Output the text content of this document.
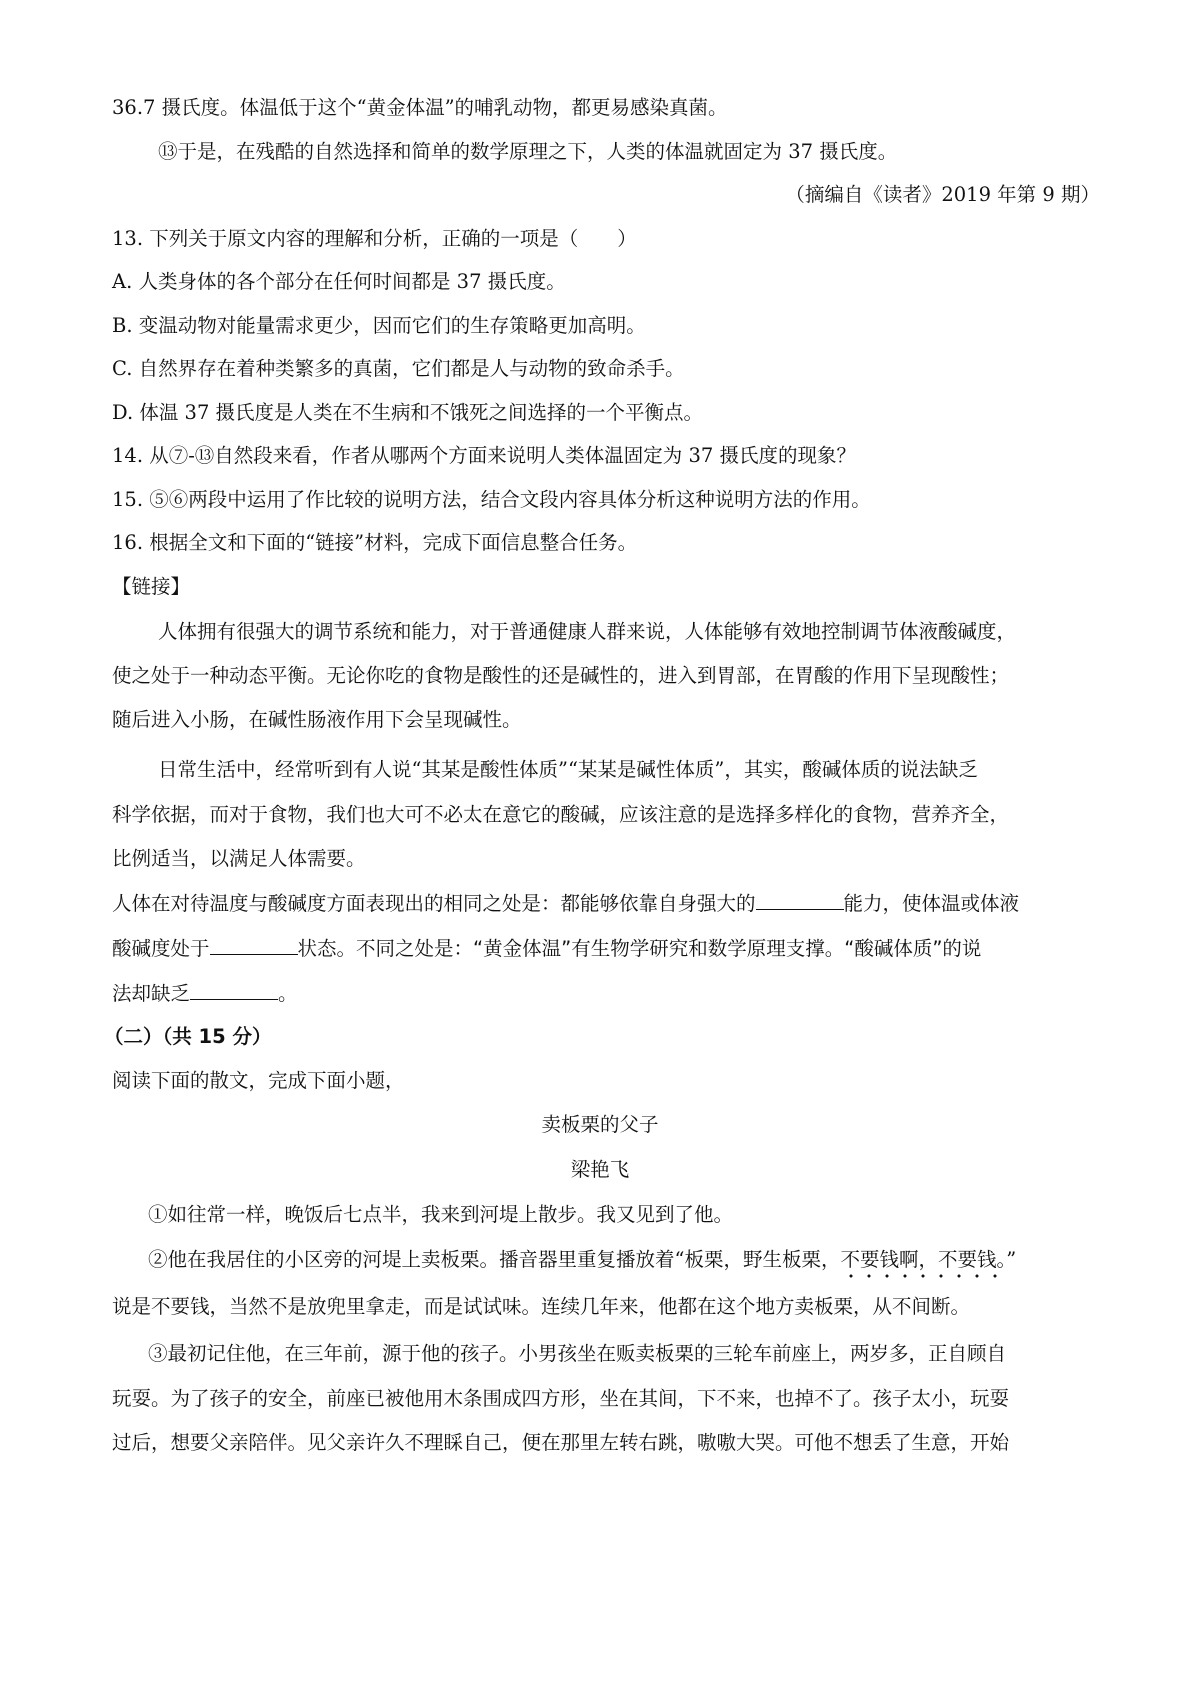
36.7 摄氏度。体温低于这个“黄金体温”的哺乳动物，都更易感染真菌。
⑬于是，在残酷的自然选择和简单的数学原理之下，人类的体温就固定为 37 摄氏度。
（摘编自《读者》2019 年第 9 期）
13. 下列关于原文内容的理解和分析，正确的一项是（　　）
A. 人类身体的各个部分在任何时间都是 37 摄氏度。
B. 变温动物对能量需求更少，因而它们的生存策略更加高明。
C. 自然界存在着种类繁多的真菌，它们都是人与动物的致命杀手。
D. 体温 37 摄氏度是人类在不生病和不饿死之间选择的一个平衡点。
14. 从⑦-⑬自然段来看，作者从哪两个方面来说明人类体温固定为 37 摄氏度的现象？
15. ⑤⑥两段中运用了作比较的说明方法，结合文段内容具体分析这种说明方法的作用。
16. 根据全文和下面的“链接”材料，完成下面信息整合任务。
【链接】
人体拥有很强大的调节系统和能力，对于普通健康人群来说，人体能够有效地控制调节体液酸碱度，
使之处于一种动态平衡。无论你吃的食物是酸性的还是碱性的，进入到胃部，在胃酸的作用下呈现酸性；
随后进入小肠，在碱性肠液作用下会呈现碱性。
日常生活中，经常听到有人说“其某是酸性体质”“某某是碱性体质”，其实，酸碱体质的说法缺乏
科学依据，而对于食物，我们也大可不必太在意它的酸碱，应该注意的是选择多样化的食物，营养齐全，
比例适当，以满足人体需要。
人体在对待温度与酸碱度方面表现出的相同之处是：都能够依靠自身强大的	能力，使体温或体液
酸碱度处于	状态。不同之处是：“黄金体温”有生物学研究和数学原理支撑。“酸碱体质”的说
法却缺乏	。
（二）（共 15 分）
阅读下面的散文，完成下面小题，
卖板栗的父子
梁艳飞
①如往常一样，晚饭后七点半，我来到河堤上散步。我又见到了他。
②他在我居住的小区旁的河堤上卖板栗。播音器里重复播放着“板栗，野生板栗，不要钱啊，不要钱。”
说是不要钱，当然不是放兜里拿走，而是试试味。连续几年来，他都在这个地方卖板栗，从不间断。
③最初记住他，在三年前，源于他的孩子。小男孩坐在贩卖板栗的三轮车前座上，两岁多，正自顾自
玩耍。为了孩子的安全，前座已被他用木条围成四方形，坐在其间，下不来，也掉不了。孩子太小，玩耍
过后，想要父亲陪伴。见父亲许久不理睬自己，便在那里左转右跳，嗷嗷大哭。可他不想丢了生意，开始
